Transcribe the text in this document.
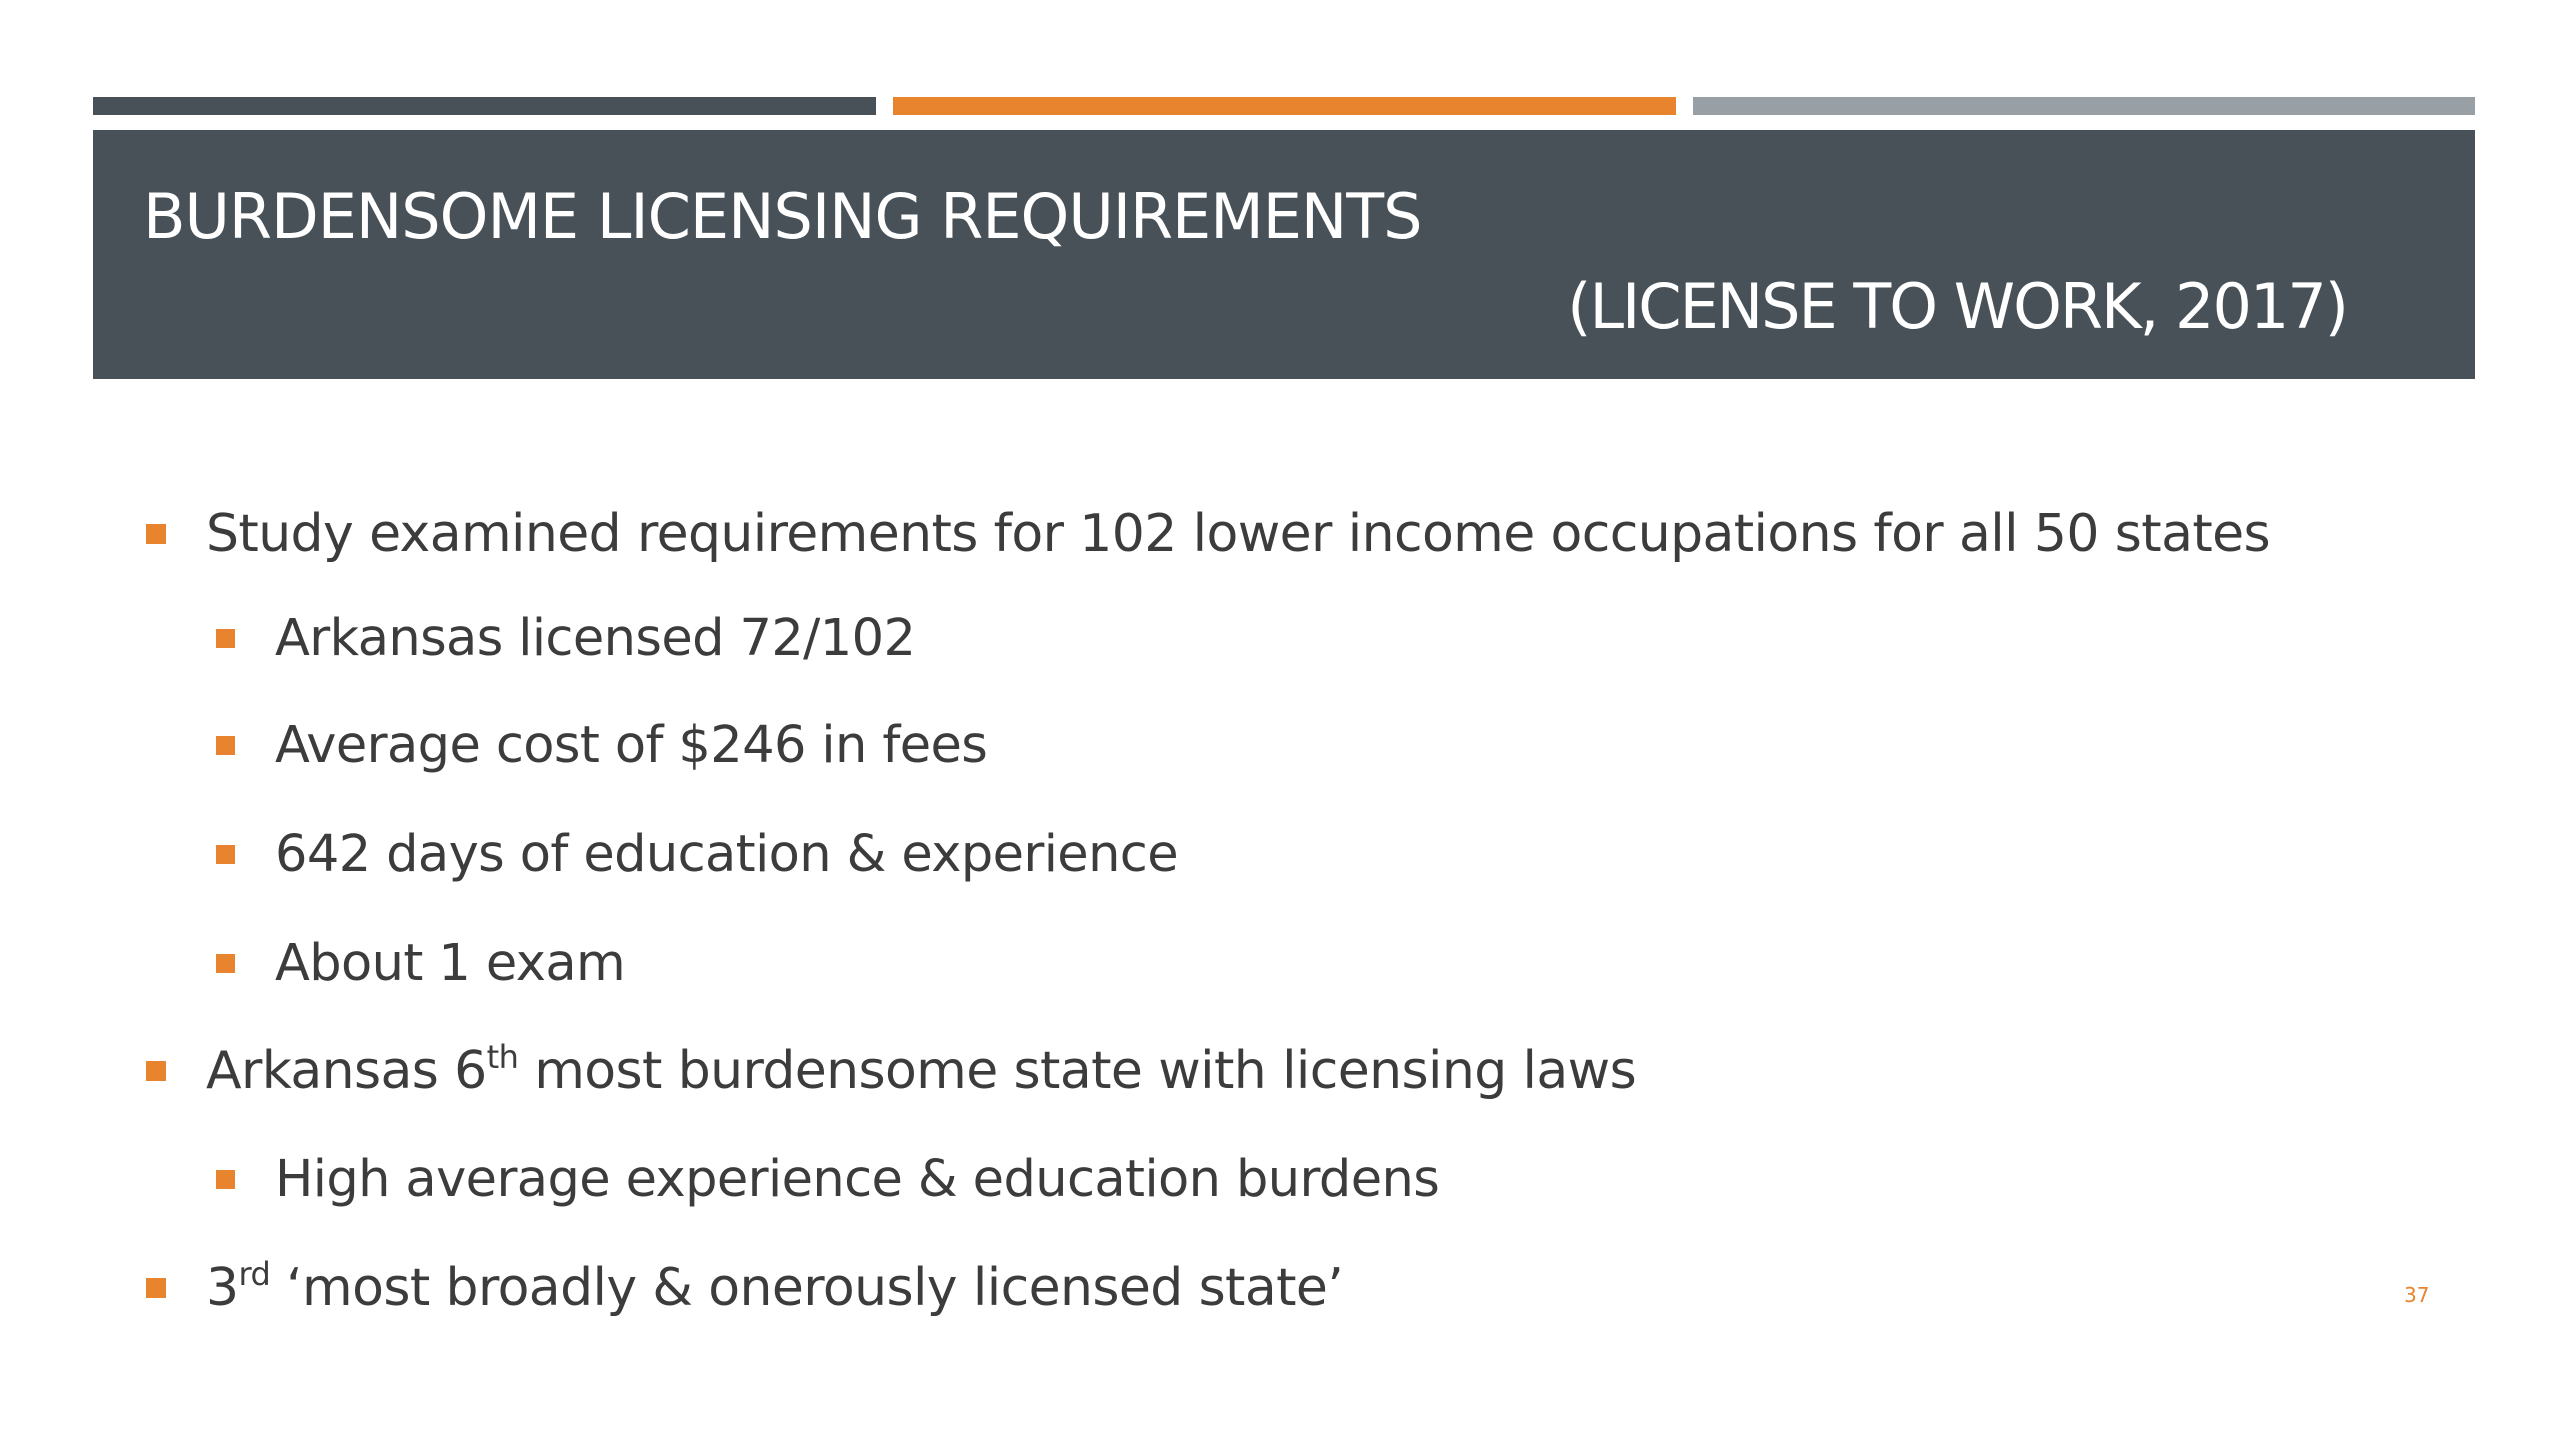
BURDENSOME LICENSING REQUIREMENTS
(LICENSE TO WORK, 2017)
Study examined requirements for 102 lower income occupations for all 50 states
Arkansas licensed 72/102
Average cost of $246 in fees
642 days of education & experience
About 1 exam
Arkansas 6th most burdensome state with licensing laws
High average experience & education burdens
3rd ‘most broadly & onerously licensed state’	37
